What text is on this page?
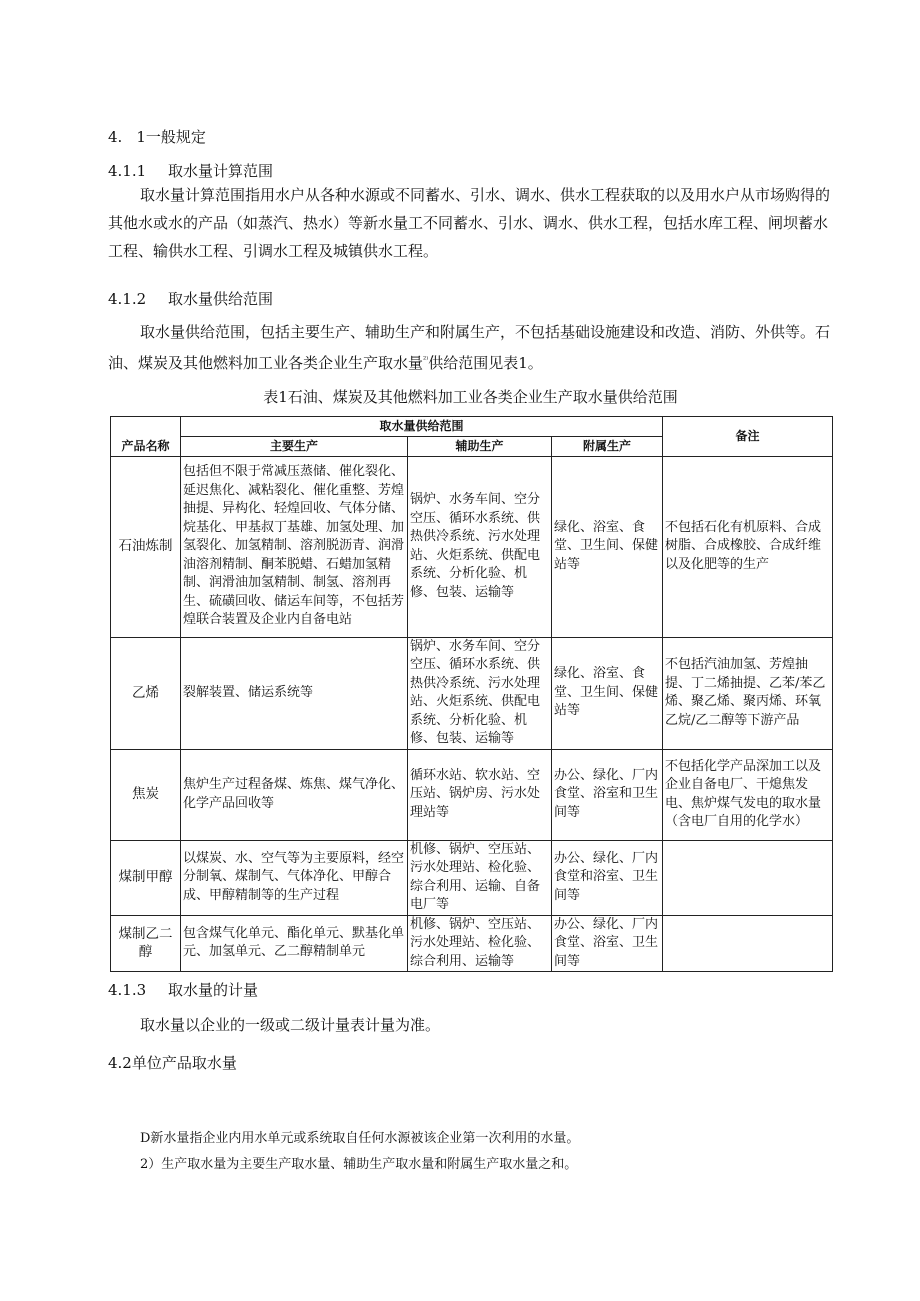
4. 1一般规定
4.1.1 取水量计算范围
取水量计算范围指用水户从各种水源或不同蓄水、引水、调水、供水工程获取的以及用水户从市场购得的其他水或水的产品（如蒸汽、热水）等新水量工不同蓄水、引水、调水、供水工程，包括水库工程、闸坝蓄水工程、输供水工程、引调水工程及城镇供水工程。
4.1.2 取水量供给范围
取水量供给范围，包括主要生产、辅助生产和附属生产，不包括基础设施建设和改造、消防、外供等。石油、煤炭及其他燃料加工业各类企业生产取水量$^{^{2)}}$供给范围见表1。
表1石油、煤炭及其他燃料加工业各类企业生产取水量供给范围
产品名称	取水量供给范围			备注
	主要生产	辅助生产	附属生产	
石油炼制	包括但不限于常减压蒸储、催化裂化、延迟焦化、减粘裂化、催化重整、芳煌抽提、异构化、轻煌回收、气体分储、烷基化、甲基叔丁基雄、加氢处理、加氢裂化、加氢精制、溶剂脱沥青、润滑油溶剂精制、酮苯脱蜡、石蜡加氢精制、润滑油加氢精制、制氢、溶剂再生、硫磺回收、储运车间等，不包括芳煌联合装置及企业内自备电站	锅炉、水务车间、空分空压、循环水系统、供热供冷系统、污水处理站、火炬系统、供配电系统、分析化验、机修、包装、运输等	绿化、浴室、食堂、卫生间、保健站等	不包括石化有机原料、合成树脂、合成橡胶、合成纤维以及化肥等的生产
乙烯	裂解装置、储运系统等	锅炉、水务车间、空分空压、循环水系统、供热供冷系统、污水处理站、火炬系统、供配电系统、分析化验、机修、包装、运输等	绿化、浴室、食堂、卫生间、保健站等	不包括汽油加氢、芳煌抽提、丁二烯抽提、乙苯/苯乙烯、聚乙烯、聚丙烯、环氧乙烷/乙二醇等下游产品
焦炭	焦炉生产过程备煤、炼焦、煤气净化、化学产品回收等	循环水站、软水站、空压站、锅炉房、污水处理站等	办公、绿化、厂内食堂、浴室和卫生间等	不包括化学产品深加工以及企业自备电厂、干熄焦发电、焦炉煤气发电的取水量（含电厂自用的化学水）
煤制甲醇	以煤炭、水、空气等为主要原料，经空分制氧、煤制气、气体净化、甲醇合成、甲醇精制等的生产过程	机修、锅炉、空压站、污水处理站、检化验、综合利用、运输、自备电厂等	办公、绿化、厂内食堂和浴室、卫生间等	
煤制乙二醇	包含煤气化单元、酯化单元、默基化单元、加氢单元、乙二醇精制单元	机修、锅炉、空压站、污水处理站、检化验、综合利用、运输等	办公、绿化、厂内食堂、浴室、卫生间等	
4.1.3 取水量的计量
取水量以企业的一级或二级计量表计量为准。
4.2单位产品取水量
D新水量指企业内用水单元或系统取自任何水源被该企业第一次利用的水量。
2）生产取水量为主要生产取水量、辅助生产取水量和附属生产取水量之和。
